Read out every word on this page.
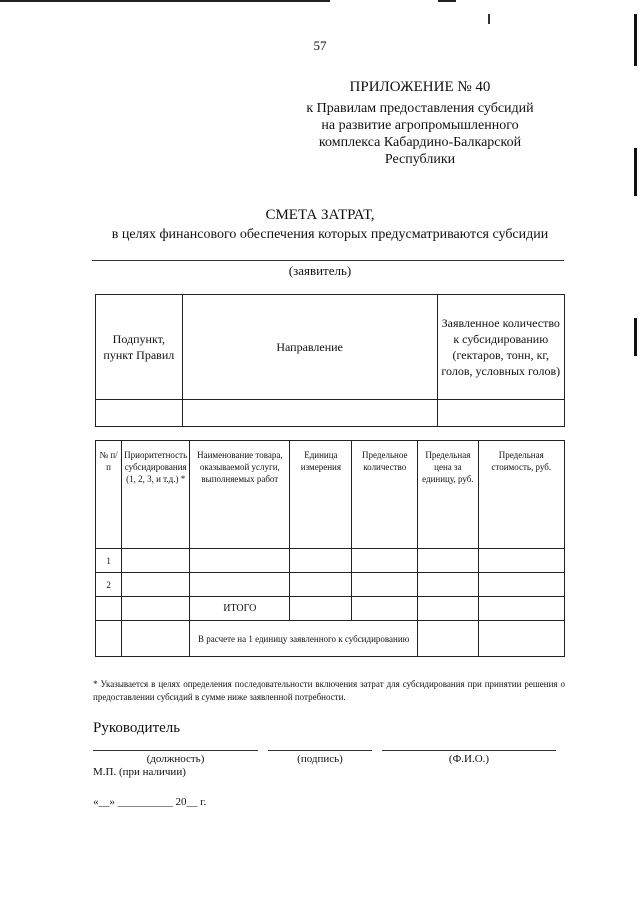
57
ПРИЛОЖЕНИЕ № 40
к Правилам предоставления субсидий
на развитие агропромышленного
комплекса Кабардино-Балкарской
Республики
СМЕТА ЗАТРАТ,
в целях финансового обеспечения которых предусматриваются субсидии
(заявитель)
Подпункт, пункт Правил	Направление	Заявленное количество к субсидированию (гектаров, тонн, кг, голов, условных голов)

№ п/п	Приоритетность субсидирования (1, 2, 3, и т.д.) *	Наименование товара, оказываемой услуги, выполняемых работ	Единица измерения	Предельное количество	Предельная цена за единицу, руб.	Предельная стоимость, руб.
1						
2						
		ИТОГО				
		В расчете на 1 единицу заявленного к субсидированию				
* Указывается в целях определения последовательности включения затрат для субсидирования при принятии решения о предоставлении субсидий в сумме ниже заявленной потребности.
Руководитель
(должность)	(подпись)	(Ф.И.О.)
М.П. (при наличии)
«__» __________ 20__ г.
